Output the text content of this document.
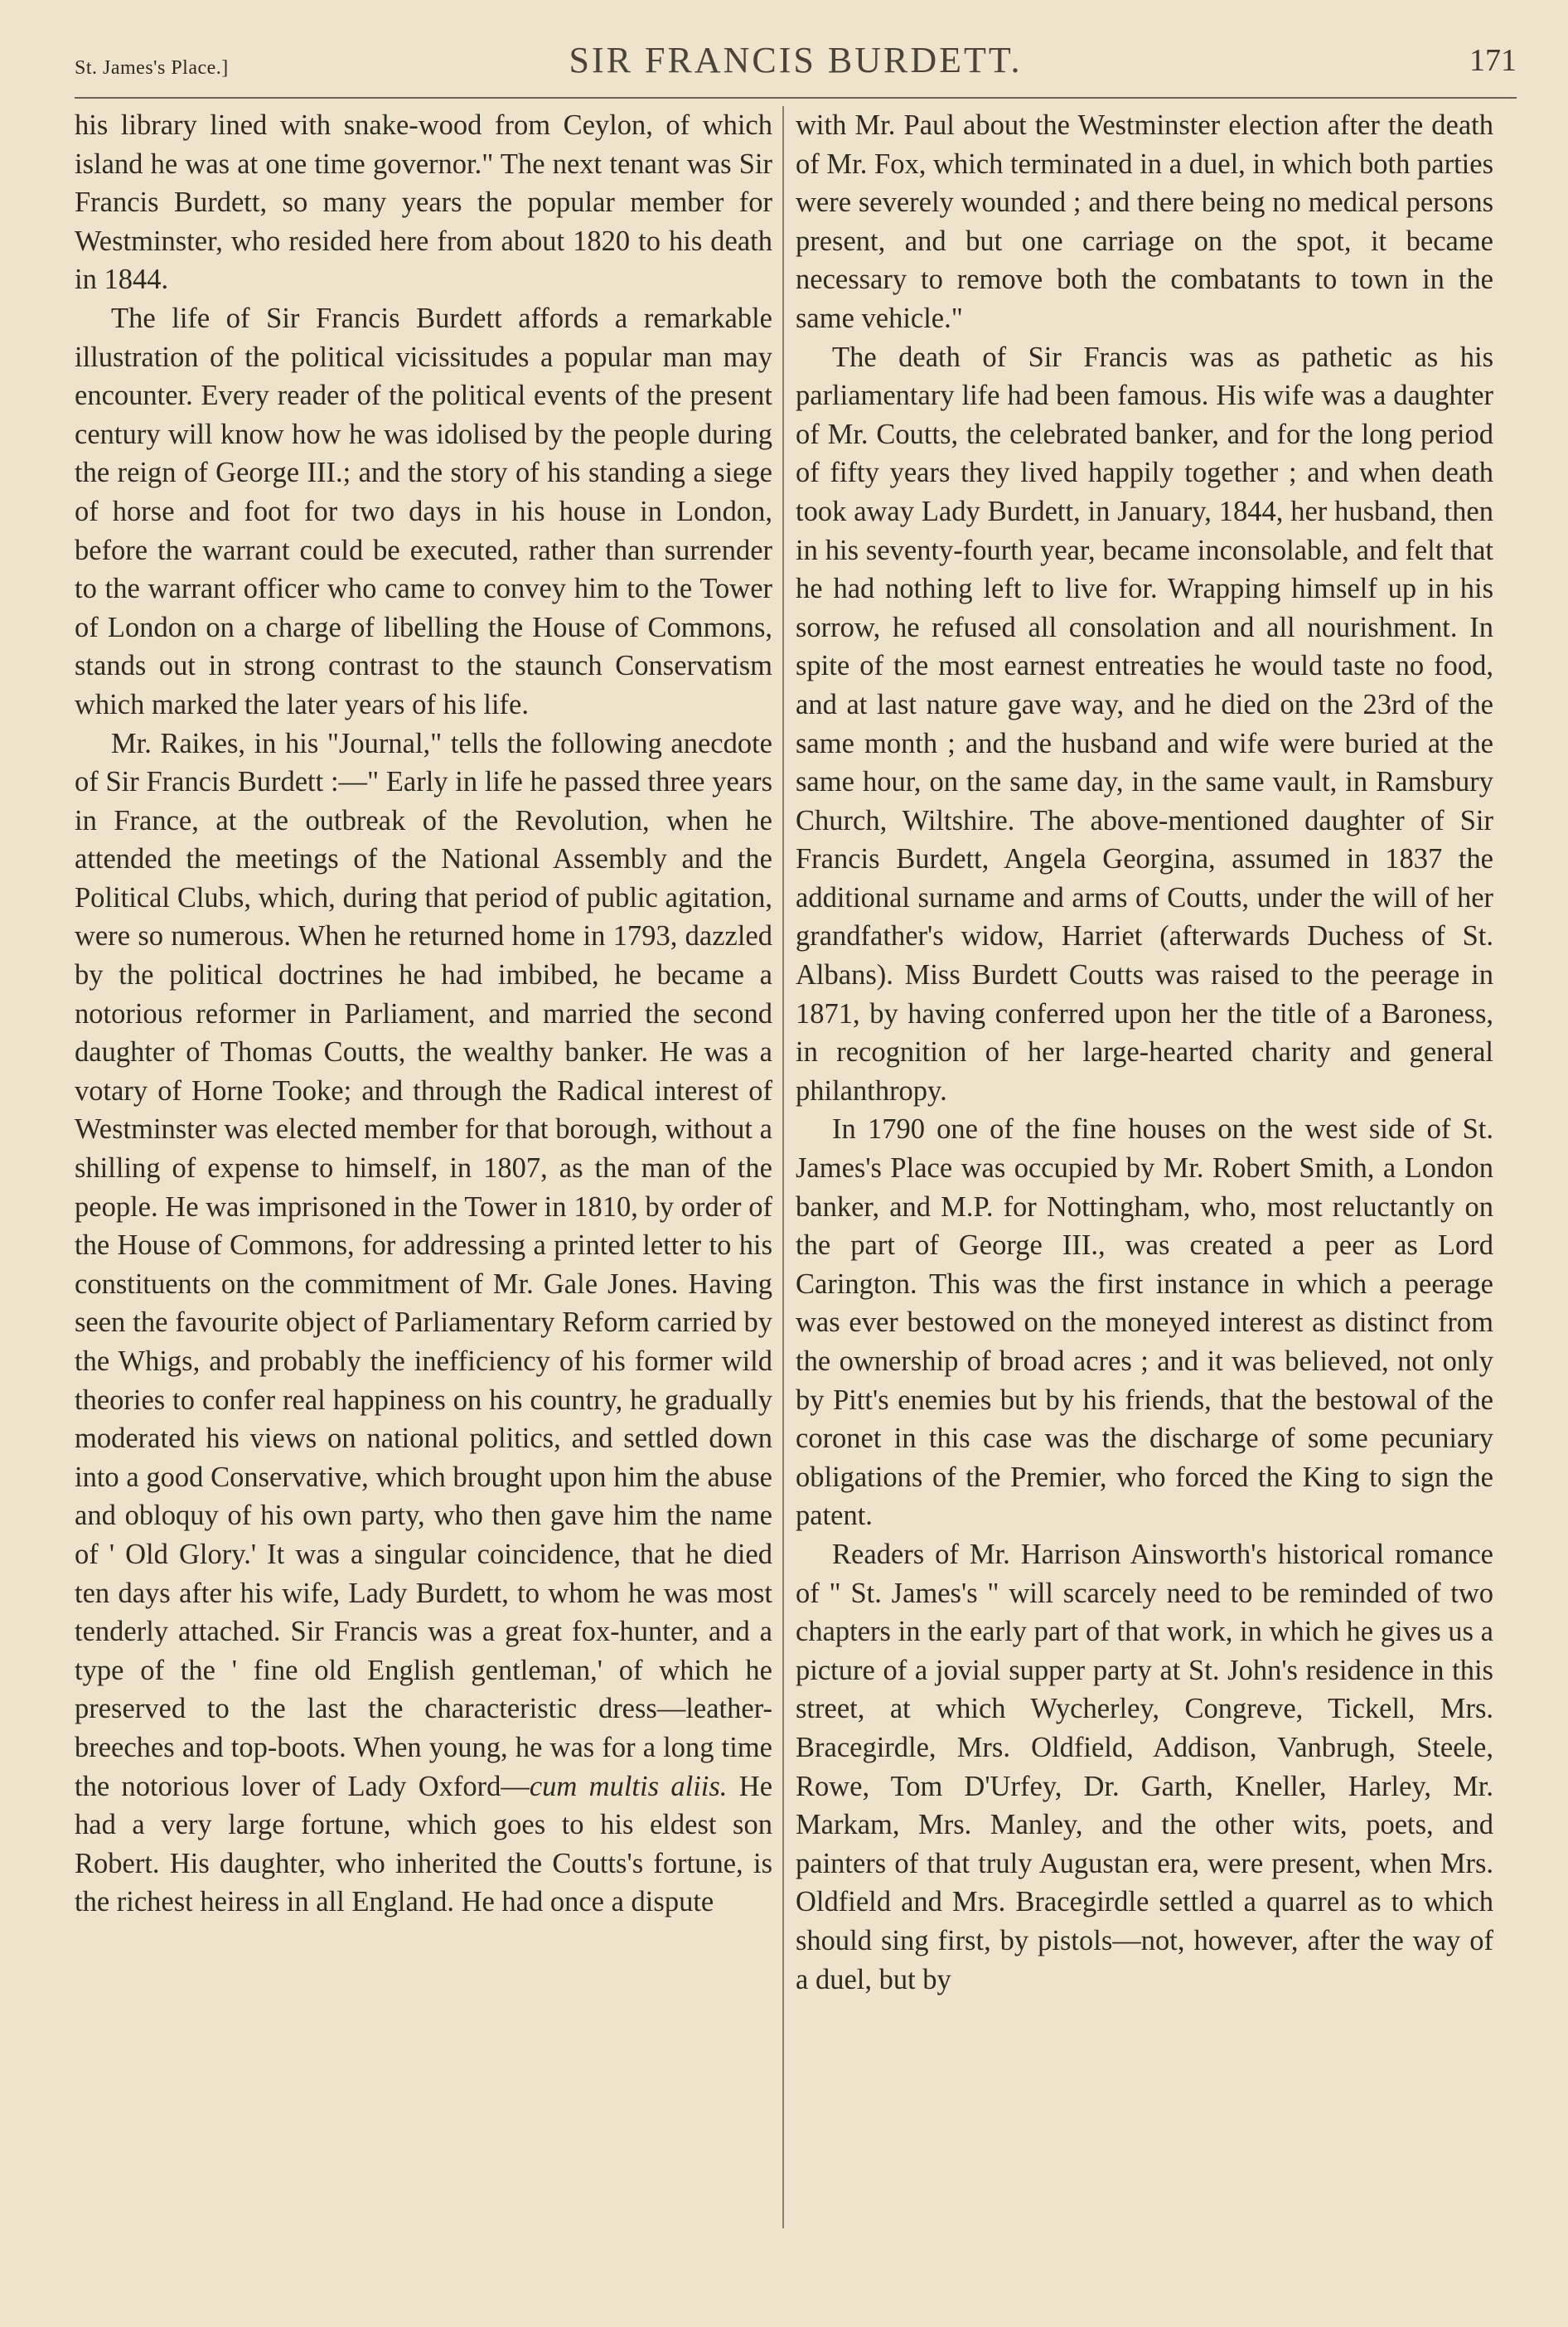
St. James's Place.]	SIR FRANCIS BURDETT.	171

his library lined with snake-wood from Ceylon, of which island he was at one time governor." The next tenant was Sir Francis Burdett, so many years the popular member for Westminster, who resided here from about 1820 to his death in 1844.

The life of Sir Francis Burdett affords a remarkable illustration of the political vicissitudes a popular man may encounter. Every reader of the political events of the present century will know how he was idolised by the people during the reign of George III.; and the story of his standing a siege of horse and foot for two days in his house in London, before the warrant could be executed, rather than surrender to the warrant officer who came to convey him to the Tower of London on a charge of libelling the House of Commons, stands out in strong contrast to the staunch Conservatism which marked the later years of his life.

Mr. Raikes, in his "Journal," tells the following anecdote of Sir Francis Burdett :—" Early in life he passed three years in France, at the outbreak of the Revolution, when he attended the meetings of the National Assembly and the Political Clubs, which, during that period of public agitation, were so numerous. When he returned home in 1793, dazzled by the political doctrines he had imbibed, he became a notorious reformer in Parliament, and married the second daughter of Thomas Coutts, the wealthy banker. He was a votary of Horne Tooke; and through the Radical interest of Westminster was elected member for that borough, without a shilling of expense to himself, in 1807, as the man of the people. He was imprisoned in the Tower in 1810, by order of the House of Commons, for addressing a printed letter to his constituents on the commitment of Mr. Gale Jones. Having seen the favourite object of Parliamentary Reform carried by the Whigs, and probably the inefficiency of his former wild theories to confer real happiness on his country, he gradually moderated his views on national politics, and settled down into a good Conservative, which brought upon him the abuse and obloquy of his own party, who then gave him the name of ' Old Glory.' It was a singular coincidence, that he died ten days after his wife, Lady Burdett, to whom he was most tenderly attached. Sir Francis was a great fox-hunter, and a type of the ' fine old English gentleman,' of which he preserved to the last the characteristic dress—leather-breeches and top-boots. When young, he was for a long time the notorious lover of Lady Oxford—cum multis aliis. He had a very large fortune, which goes to his eldest son Robert. His daughter, who inherited the Coutts's fortune, is the richest heiress in all England. He had once a dispute

with Mr. Paul about the Westminster election after the death of Mr. Fox, which terminated in a duel, in which both parties were severely wounded ; and there being no medical persons present, and but one carriage on the spot, it became necessary to remove both the combatants to town in the same vehicle."

The death of Sir Francis was as pathetic as his parliamentary life had been famous. His wife was a daughter of Mr. Coutts, the celebrated banker, and for the long period of fifty years they lived happily together ; and when death took away Lady Burdett, in January, 1844, her husband, then in his seventy-fourth year, became inconsolable, and felt that he had nothing left to live for. Wrapping himself up in his sorrow, he refused all consolation and all nourishment. In spite of the most earnest entreaties he would taste no food, and at last nature gave way, and he died on the 23rd of the same month ; and the husband and wife were buried at the same hour, on the same day, in the same vault, in Ramsbury Church, Wiltshire. The above-mentioned daughter of Sir Francis Burdett, Angela Georgina, assumed in 1837 the additional surname and arms of Coutts, under the will of her grandfather's widow, Harriet (afterwards Duchess of St. Albans). Miss Burdett Coutts was raised to the peerage in 1871, by having conferred upon her the title of a Baroness, in recognition of her large-hearted charity and general philanthropy.

In 1790 one of the fine houses on the west side of St. James's Place was occupied by Mr. Robert Smith, a London banker, and M.P. for Nottingham, who, most reluctantly on the part of George III., was created a peer as Lord Carington. This was the first instance in which a peerage was ever bestowed on the moneyed interest as distinct from the ownership of broad acres ; and it was believed, not only by Pitt's enemies but by his friends, that the bestowal of the coronet in this case was the discharge of some pecuniary obligations of the Premier, who forced the King to sign the patent.

Readers of Mr. Harrison Ainsworth's historical romance of " St. James's " will scarcely need to be reminded of two chapters in the early part of that work, in which he gives us a picture of a jovial supper party at St. John's residence in this street, at which Wycherley, Congreve, Tickell, Mrs. Bracegirdle, Mrs. Oldfield, Addison, Vanbrugh, Steele, Rowe, Tom D'Urfey, Dr. Garth, Kneller, Harley, Mr. Markam, Mrs. Manley, and the other wits, poets, and painters of that truly Augustan era, were present, when Mrs. Oldfield and Mrs. Bracegirdle settled a quarrel as to which should sing first, by pistols—not, however, after the way of a duel, but by
